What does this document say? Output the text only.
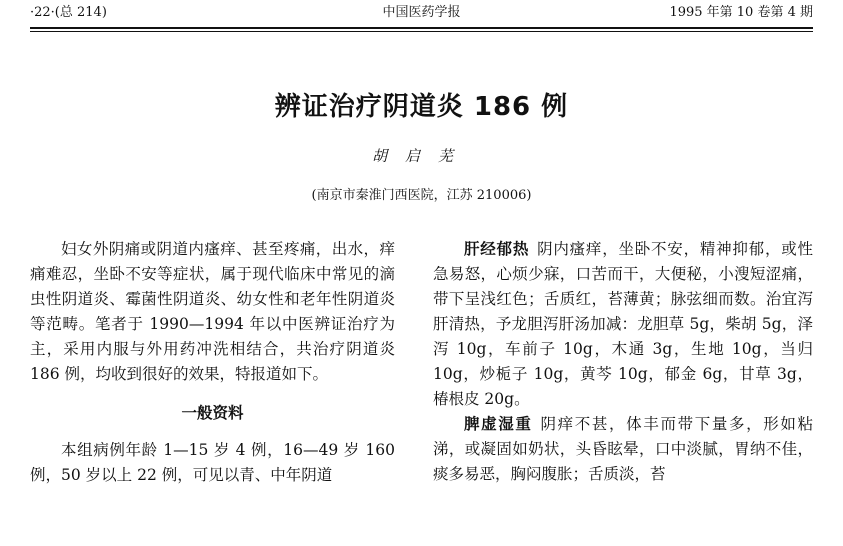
·22·(总 214)	中国医药学报	1995 年第 10 卷第 4 期
辨证治疗阴道炎 186 例
胡启芜
(南京市秦淮门西医院，江苏 210006)

妇女外阴痛或阴道内瘙痒、甚至疼痛，出水，痒痛难忍，坐卧不安等症状，属于现代临床中常见的滴虫性阴道炎、霉菌性阴道炎、幼女性和老年性阴道炎等范畴。笔者于 1990—1994 年以中医辨证治疗为主，采用内服与外用药冲洗相结合，共治疗阴道炎 186 例，均收到很好的效果，特报道如下。

一般资料

本组病例年龄 1—15 岁 4 例，16—49 岁 160 例，50 岁以上 22 例，可见以青、中年阴道

肝经郁热 阴内瘙痒，坐卧不安，精神抑郁，或性急易怒，心烦少寐，口苦而干，大便秘，小溲短涩痛，带下呈浅红色；舌质红，苔薄黄；脉弦细而数。治宜泻肝清热，予龙胆泻肝汤加减：龙胆草 5g，柴胡 5g，泽泻 10g，车前子 10g，木通 3g，生地 10g，当归 10g，炒栀子 10g，黄芩 10g，郁金 6g，甘草 3g，椿根皮 20g。

脾虚湿重 阴痒不甚，体丰而带下量多，形如粘涕，或凝固如奶状，头昏眩晕，口中淡腻，胃纳不佳，痰多易恶，胸闷腹胀；舌质淡，苔
